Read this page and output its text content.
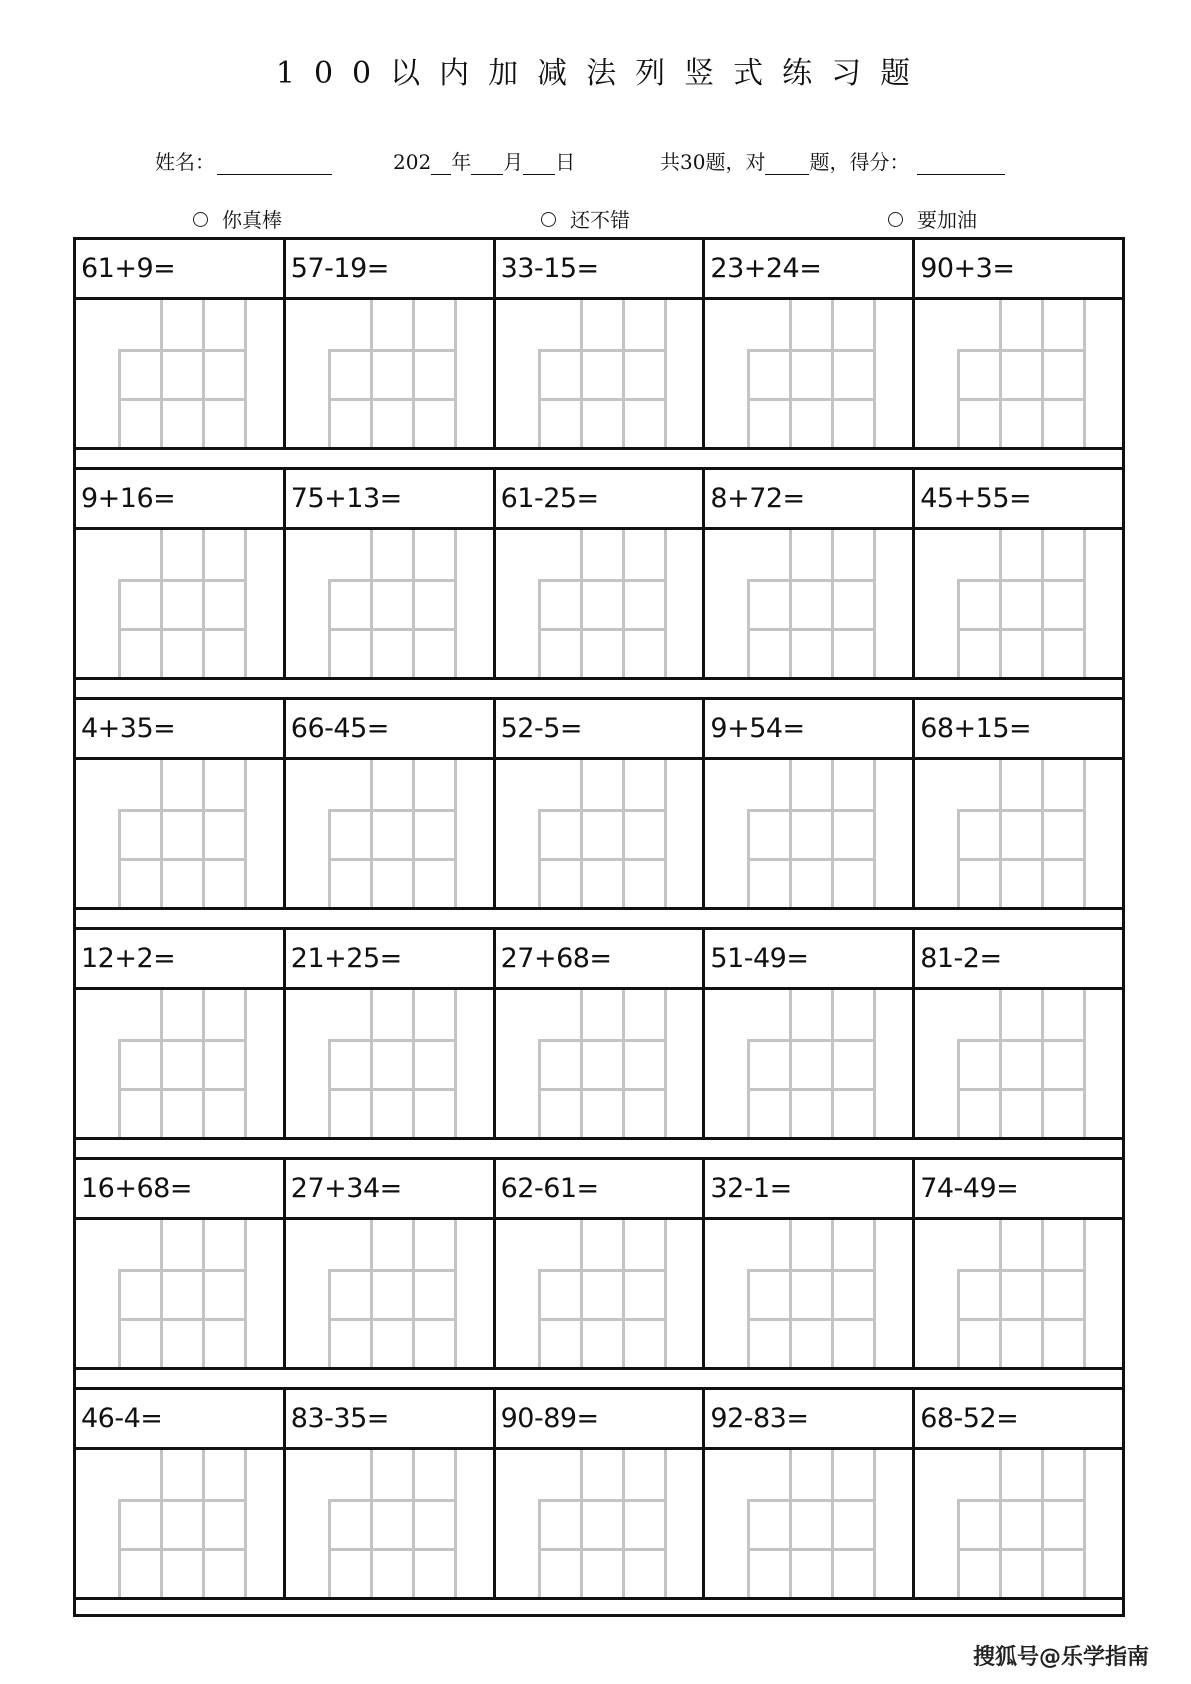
100以内加减法列竖式练习题
姓名：	202 年 月 日	共30题，对 题，得分：
你真棒	还不错	要加油
61+9=	57-19=	33-15=	23+24=	90+3=
9+16=	75+13=	61-25=	8+72=	45+55=
4+35=	66-45=	52-5=	9+54=	68+15=
12+2=	21+25=	27+68=	51-49=	81-2=
16+68=	27+34=	62-61=	32-1=	74-49=
46-4=	83-35=	90-89=	92-83=	68-52=
搜狐号@乐学指南
